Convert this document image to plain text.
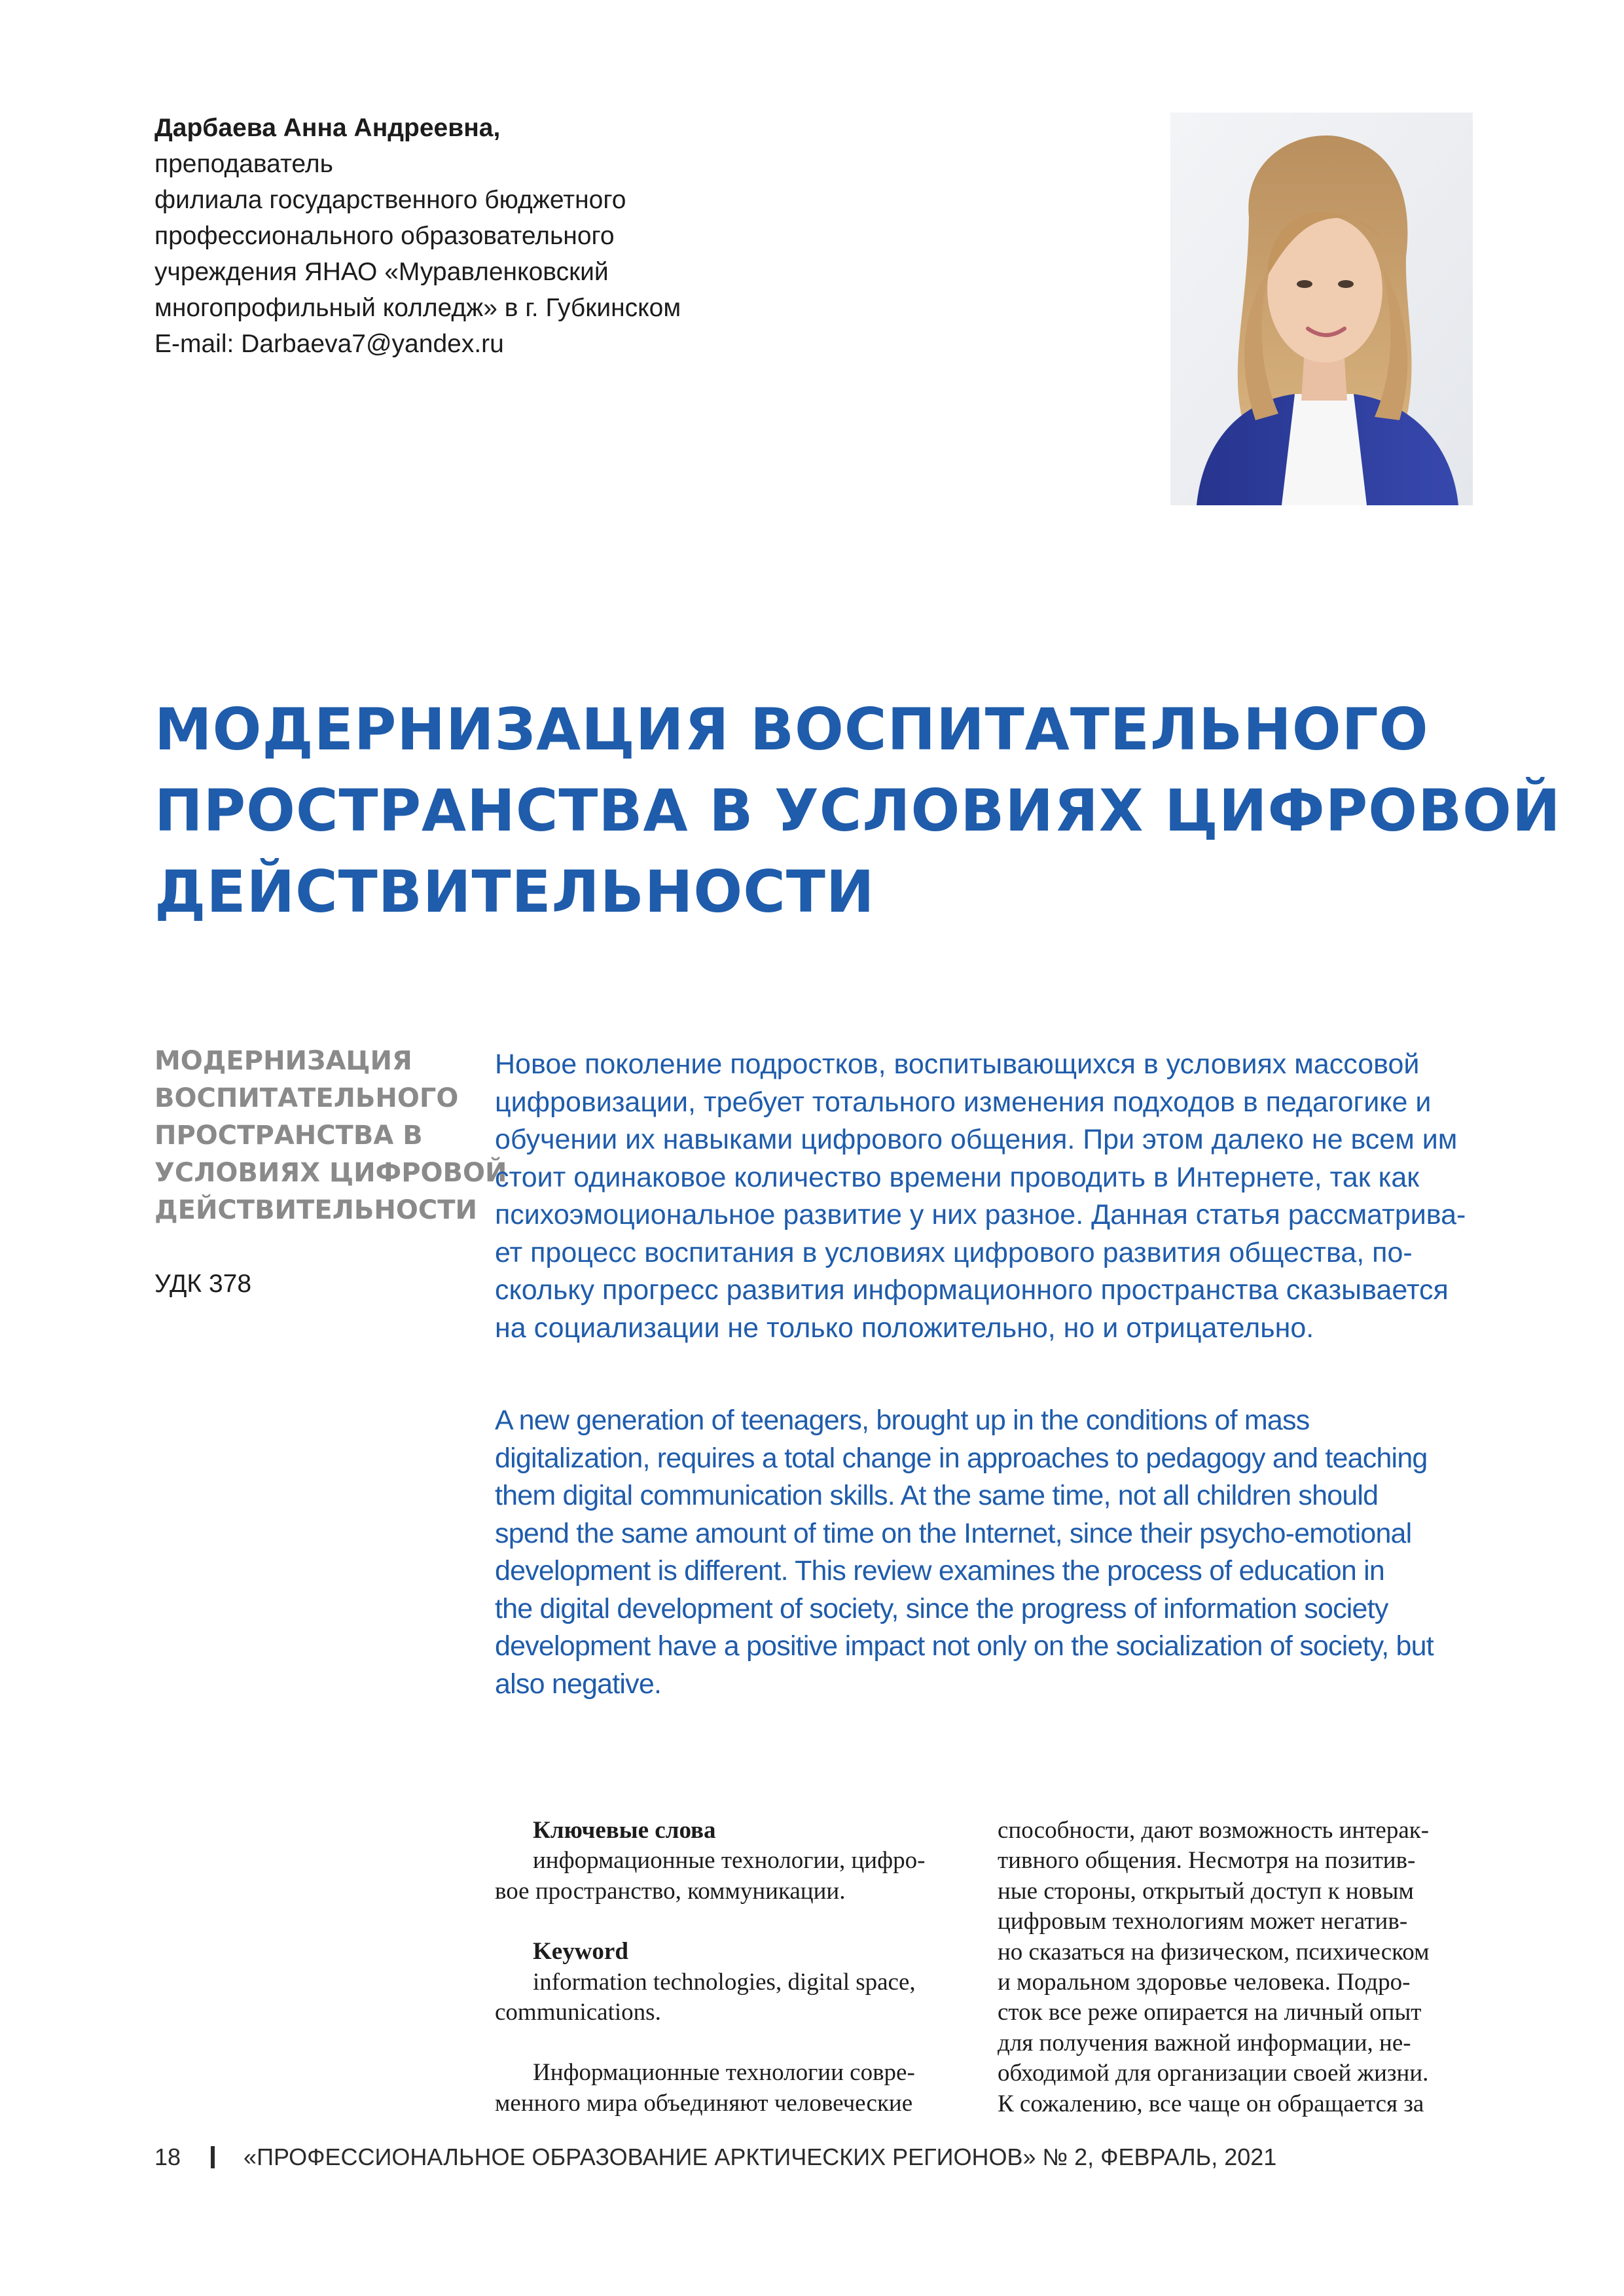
Дарбаева Анна Андреевна,
преподаватель
филиала государственного бюджетного
профессионального образовательного
учреждения ЯНАО «Муравленковский
многопрофильный колледж» в г. Губкинском
E-mail: Darbaeva7@yandex.ru
МОДЕРНИЗАЦИЯ ВОСПИТАТЕЛЬНОГО
ПРОСТРАНСТВА В УСЛОВИЯХ ЦИФРОВОЙ
ДЕЙСТВИТЕЛЬНОСТИ
МОДЕРНИЗАЦИЯ
ВОСПИТАТЕЛЬНОГО
ПРОСТРАНСТВА В
УСЛОВИЯХ ЦИФРОВОЙ
ДЕЙСТВИТЕЛЬНОСТИ
УДК 378
Новое поколение подростков, воспитывающихся в условиях массовой
цифровизации, требует тотального изменения подходов в педагогике и
обучении их навыками цифрового общения. При этом далеко не всем им
стоит одинаковое количество времени проводить в Интернете, так как
психоэмоциональное развитие у них разное. Данная статья рассматрива-
ет процесс воспитания в условиях цифрового развития общества, по-
скольку прогресс развития информационного пространства сказывается
на социализации не только положительно, но и отрицательно.
A new generation of teenagers, brought up in the conditions of mass
digitalization, requires a total change in approaches to pedagogy and teaching
them digital communication skills. At the same time, not all children should
spend the same amount of time on the Internet, since their psycho-emotional
development is different. This review examines the process of education in
the digital development of society, since the progress of information society
development have a positive impact not only on the socialization of society, but
also negative.
Ключевые слова
информационные технологии, цифро-
вое пространство, коммуникации.
Keyword
information technologies, digital space,
communications.
Информационные технологии совре-
менного мира объединяют человеческие
способности, дают возможность интерак-
тивного общения. Несмотря на позитив-
ные стороны, открытый доступ к новым
цифровым технологиям может негатив-
но сказаться на физическом, психическом
и моральном здоровье человека. Подро-
сток все реже опирается на личный опыт
для получения важной информации, не-
обходимой для организации своей жизни.
К сожалению, все чаще он обращается за
18	«ПРОФЕССИОНАЛЬНОЕ ОБРАЗОВАНИЕ АРКТИЧЕСКИХ РЕГИОНОВ» № 2, ФЕВРАЛЬ, 2021
